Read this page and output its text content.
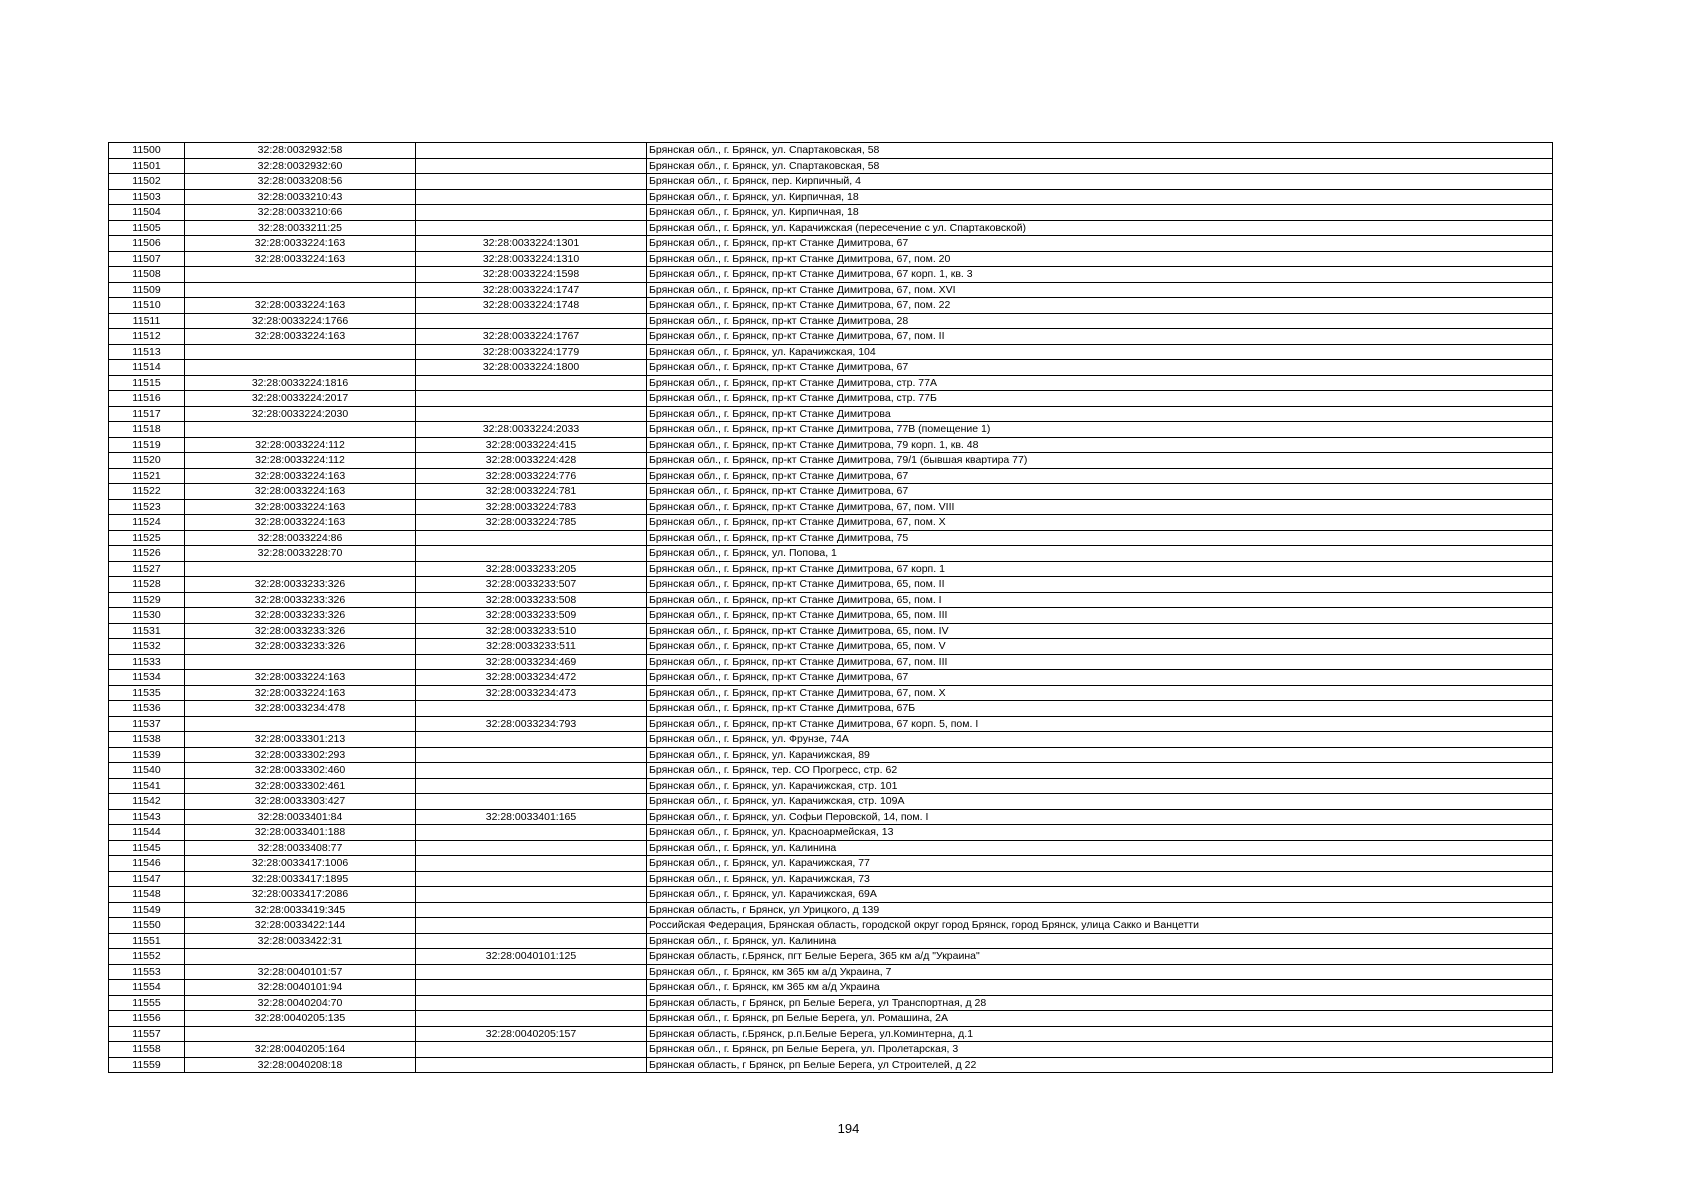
11500	32:28:0032932:58		Брянская обл., г. Брянск, ул. Спартаковская, 58
11501	32:28:0032932:60		Брянская обл., г. Брянск, ул. Спартаковская, 58
11502	32:28:0033208:56		Брянская обл., г. Брянск, пер. Кирпичный, 4
11503	32:28:0033210:43		Брянская обл., г. Брянск, ул. Кирпичная, 18
11504	32:28:0033210:66		Брянская обл., г. Брянск, ул. Кирпичная, 18
11505	32:28:0033211:25		Брянская обл., г. Брянск, ул. Карачижская (пересечение с ул. Спартаковской)
11506	32:28:0033224:163	32:28:0033224:1301	Брянская обл., г. Брянск, пр-кт Станке Димитрова, 67
11507	32:28:0033224:163	32:28:0033224:1310	Брянская обл., г. Брянск, пр-кт Станке Димитрова, 67, пом. 20
11508		32:28:0033224:1598	Брянская обл., г. Брянск, пр-кт Станке Димитрова, 67 корп. 1, кв. 3
11509		32:28:0033224:1747	Брянская обл., г. Брянск, пр-кт Станке Димитрова, 67, пом. XVI
11510	32:28:0033224:163	32:28:0033224:1748	Брянская обл., г. Брянск, пр-кт Станке Димитрова, 67, пом. 22
11511	32:28:0033224:1766		Брянская обл., г. Брянск, пр-кт Станке Димитрова, 28
11512	32:28:0033224:163	32:28:0033224:1767	Брянская обл., г. Брянск, пр-кт Станке Димитрова, 67, пом. II
11513		32:28:0033224:1779	Брянская обл., г. Брянск, ул. Карачижская, 104
11514		32:28:0033224:1800	Брянская обл., г. Брянск, пр-кт Станке Димитрова, 67
11515	32:28:0033224:1816		Брянская обл., г. Брянск, пр-кт Станке Димитрова, стр. 77А
11516	32:28:0033224:2017		Брянская обл., г. Брянск, пр-кт Станке Димитрова, стр. 77Б
11517	32:28:0033224:2030		Брянская обл., г. Брянск, пр-кт Станке Димитрова
11518		32:28:0033224:2033	Брянская обл., г. Брянск, пр-кт Станке Димитрова, 77В (помещение 1)
11519	32:28:0033224:112	32:28:0033224:415	Брянская обл., г. Брянск, пр-кт Станке Димитрова, 79 корп. 1, кв. 48
11520	32:28:0033224:112	32:28:0033224:428	Брянская обл., г. Брянск, пр-кт Станке Димитрова, 79/1 (бывшая квартира 77)
11521	32:28:0033224:163	32:28:0033224:776	Брянская обл., г. Брянск, пр-кт Станке Димитрова, 67
11522	32:28:0033224:163	32:28:0033224:781	Брянская обл., г. Брянск, пр-кт Станке Димитрова, 67
11523	32:28:0033224:163	32:28:0033224:783	Брянская обл., г. Брянск, пр-кт Станке Димитрова, 67, пом. VIII
11524	32:28:0033224:163	32:28:0033224:785	Брянская обл., г. Брянск, пр-кт Станке Димитрова, 67, пом. X
11525	32:28:0033224:86		Брянская обл., г. Брянск, пр-кт Станке Димитрова, 75
11526	32:28:0033228:70		Брянская обл., г. Брянск, ул. Попова, 1
11527		32:28:0033233:205	Брянская обл., г. Брянск, пр-кт Станке Димитрова, 67 корп. 1
11528	32:28:0033233:326	32:28:0033233:507	Брянская обл., г. Брянск, пр-кт Станке Димитрова, 65, пом. II
11529	32:28:0033233:326	32:28:0033233:508	Брянская обл., г. Брянск, пр-кт Станке Димитрова, 65, пом. I
11530	32:28:0033233:326	32:28:0033233:509	Брянская обл., г. Брянск, пр-кт Станке Димитрова, 65, пом. III
11531	32:28:0033233:326	32:28:0033233:510	Брянская обл., г. Брянск, пр-кт Станке Димитрова, 65, пом. IV
11532	32:28:0033233:326	32:28:0033233:511	Брянская обл., г. Брянск, пр-кт Станке Димитрова, 65, пом. V
11533		32:28:0033234:469	Брянская обл., г. Брянск, пр-кт Станке Димитрова, 67, пом. III
11534	32:28:0033224:163	32:28:0033234:472	Брянская обл., г. Брянск, пр-кт Станке Димитрова, 67
11535	32:28:0033224:163	32:28:0033234:473	Брянская обл., г. Брянск, пр-кт Станке Димитрова, 67, пом. X
11536	32:28:0033234:478		Брянская обл., г. Брянск, пр-кт Станке Димитрова, 67Б
11537		32:28:0033234:793	Брянская обл., г. Брянск, пр-кт Станке Димитрова, 67 корп. 5, пом. I
11538	32:28:0033301:213		Брянская обл., г. Брянск, ул. Фрунзе, 74А
11539	32:28:0033302:293		Брянская обл., г. Брянск, ул. Карачижская, 89
11540	32:28:0033302:460		Брянская обл., г. Брянск, тер. СО Прогресс, стр. 62
11541	32:28:0033302:461		Брянская обл., г. Брянск, ул. Карачижская, стр. 101
11542	32:28:0033303:427		Брянская обл., г. Брянск, ул. Карачижская, стр. 109А
11543	32:28:0033401:84	32:28:0033401:165	Брянская обл., г. Брянск, ул. Софьи Перовской, 14, пом. I
11544	32:28:0033401:188		Брянская обл., г. Брянск, ул. Красноармейская, 13
11545	32:28:0033408:77		Брянская обл., г. Брянск, ул. Калинина
11546	32:28:0033417:1006		Брянская обл., г. Брянск, ул. Карачижская, 77
11547	32:28:0033417:1895		Брянская обл., г. Брянск, ул. Карачижская, 73
11548	32:28:0033417:2086		Брянская обл., г. Брянск, ул. Карачижская, 69А
11549	32:28:0033419:345		Брянская область, г Брянск, ул Урицкого, д 139
11550	32:28:0033422:144		Российская Федерация, Брянская область, городской округ город Брянск, город Брянск, улица Сакко и Ванцетти
11551	32:28:0033422:31		Брянская обл., г. Брянск, ул. Калинина
11552		32:28:0040101:125	Брянская область, г.Брянск, пгт Белые Берега, 365 км а/д "Украина"
11553	32:28:0040101:57		Брянская обл., г. Брянск, км 365 км а/д Украина, 7
11554	32:28:0040101:94		Брянская обл., г. Брянск, км 365 км а/д Украина
11555	32:28:0040204:70		Брянская область, г Брянск, рп Белые Берега, ул Транспортная, д 28
11556	32:28:0040205:135		Брянская обл., г. Брянск, рп Белые Берега, ул. Ромашина, 2А
11557		32:28:0040205:157	Брянская область, г.Брянск, р.п.Белые Берега, ул.Коминтерна, д.1
11558	32:28:0040205:164		Брянская обл., г. Брянск, рп Белые Берега, ул. Пролетарская, 3
11559	32:28:0040208:18		Брянская область, г Брянск, рп Белые Берега, ул Строителей, д 22
194
